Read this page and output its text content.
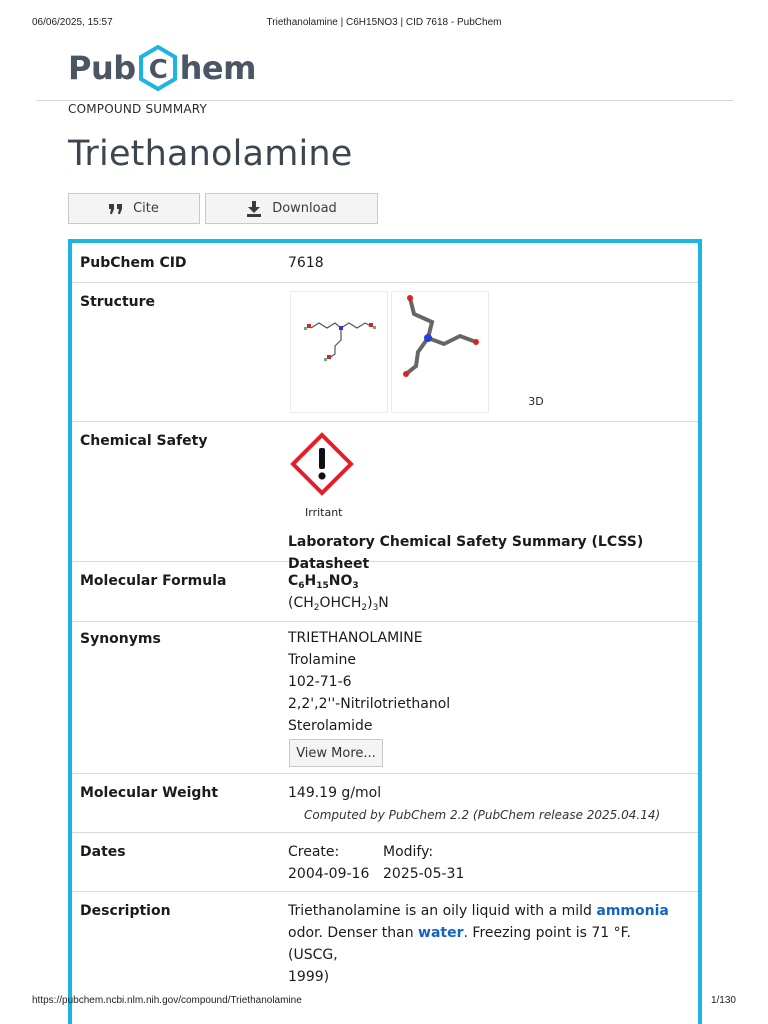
06/06/2025, 15:57	Triethanolamine | C6H15NO3 | CID 7618 - PubChem
Pub C hem
COMPOUND SUMMARY
Triethanolamine
Cite	Download
PubChem CID	7618
Structure
3D
Chemical Safety
Irritant
Laboratory Chemical Safety Summary (LCSS) Datasheet
Molecular Formula	$C_6H_{15}NO_3$
$(CH_2OHCH_2)_3N$
Synonyms	TRIETHANOLAMINE
Trolamine
102-71-6
2,2',2''-Nitrilotriethanol
Sterolamide
View More...
Molecular Weight	149.19 g/mol
Computed by PubChem 2.2 (PubChem release 2025.04.14)
Dates	Create:
2004-09-16
Modify:
2025-05-31
Description	Triethanolamine is an oily liquid with a mild ammonia
odor. Denser than water. Freezing point is 71 °F. (USCG,
1999)
https://pubchem.ncbi.nlm.nih.gov/compound/Triethanolamine	1/130
